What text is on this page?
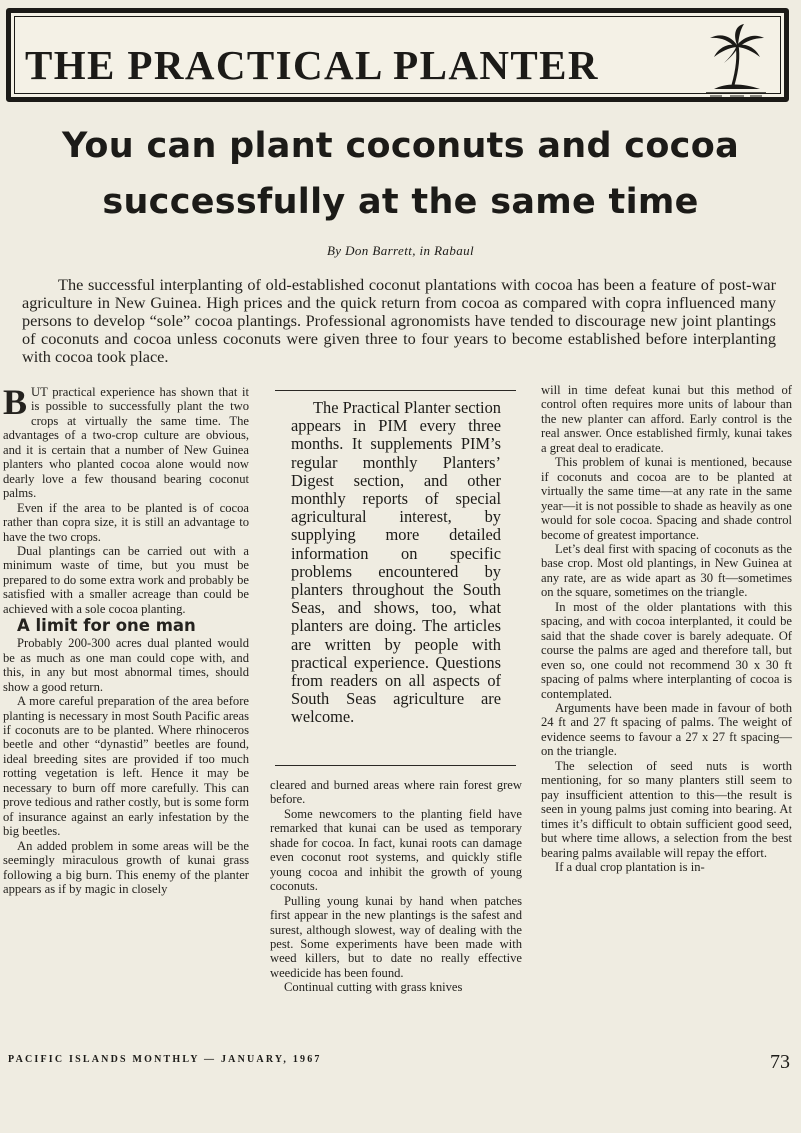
THE PRACTICAL PLANTER
You can plant coconuts and cocoa
successfully at the same time
By Don Barrett, in Rabaul

The successful interplanting of old-established coconut plantations with cocoa has been a feature of post-war agriculture in New Guinea. High prices and the quick return from cocoa as compared with copra influenced many persons to develop “sole” cocoa plantings. Professional agronomists have tended to discourage new joint plantings of coconuts and cocoa unless coconuts were given three to four years to become established before interplanting with cocoa took place.

BUT practical experience has shown that it is possible to successfully plant the two crops at virtually the same time. The advantages of a two-crop culture are obvious, and it is certain that a number of New Guinea planters who planted cocoa alone would now dearly love a few thousand bearing coconut palms.

Even if the area to be planted is of cocoa rather than copra size, it is still an advantage to have the two crops.

Dual plantings can be carried out with a minimum waste of time, but you must be prepared to do some extra work and probably be satisfied with a smaller acreage than could be achieved with a sole cocoa planting.

A limit for one man

Probably 200-300 acres dual planted would be as much as one man could cope with, and this, in any but most abnormal times, should show a good return.

A more careful preparation of the area before planting is necessary in most South Pacific areas if coconuts are to be planted. Where rhinoceros beetle and other “dynastid” beetles are found, ideal breeding sites are provided if too much rotting vegetation is left. Hence it may be necessary to burn off more carefully. This can prove tedious and rather costly, but is some form of insurance against an early infestation by the big beetles.

An added problem in some areas will be the seemingly miraculous growth of kunai grass following a big burn. This enemy of the planter appears as if by magic in closely

The Practical Planter section appears in PIM every three months. It supplements PIM’s regular monthly Planters’ Digest section, and other monthly reports of special agricultural interest, by supplying more detailed information on specific problems encountered by planters throughout the South Seas, and shows, too, what planters are doing. The articles are written by people with practical experience. Questions from readers on all aspects of South Seas agriculture are welcome.

cleared and burned areas where rain forest grew before.

Some newcomers to the planting field have remarked that kunai can be used as temporary shade for cocoa. In fact, kunai roots can damage even coconut root systems, and quickly stifle young cocoa and inhibit the growth of young coconuts.

Pulling young kunai by hand when patches first appear in the new plantings is the safest and surest, although slowest, way of dealing with the pest. Some experiments have been made with weed killers, but to date no really effective weedicide has been found.

Continual cutting with grass knives

will in time defeat kunai but this method of control often requires more units of labour than the new planter can afford. Early control is the real answer. Once established firmly, kunai takes a great deal to eradicate.

This problem of kunai is mentioned, because if coconuts and cocoa are to be planted at virtually the same time—at any rate in the same year—it is not possible to shade as heavily as one would for sole cocoa. Spacing and shade control become of greatest importance.

Let’s deal first with spacing of coconuts as the base crop. Most old plantings, in New Guinea at any rate, are as wide apart as 30 ft—sometimes on the square, sometimes on the triangle.

In most of the older plantations with this spacing, and with cocoa interplanted, it could be said that the shade cover is barely adequate. Of course the palms are aged and therefore tall, but even so, one could not recommend 30 x 30 ft spacing of palms where interplanting of cocoa is contemplated.

Arguments have been made in favour of both 24 ft and 27 ft spacing of palms. The weight of evidence seems to favour a 27 x 27 ft spacing—on the triangle.

The selection of seed nuts is worth mentioning, for so many planters still seem to pay insufficient attention to this—the result is seen in young palms just coming into bearing. At times it’s difficult to obtain sufficient good seed, but where time allows, a selection from the best bearing palms available will repay the effort.

If a dual crop plantation is in-

PACIFIC ISLANDS MONTHLY — JANUARY, 1967	73
